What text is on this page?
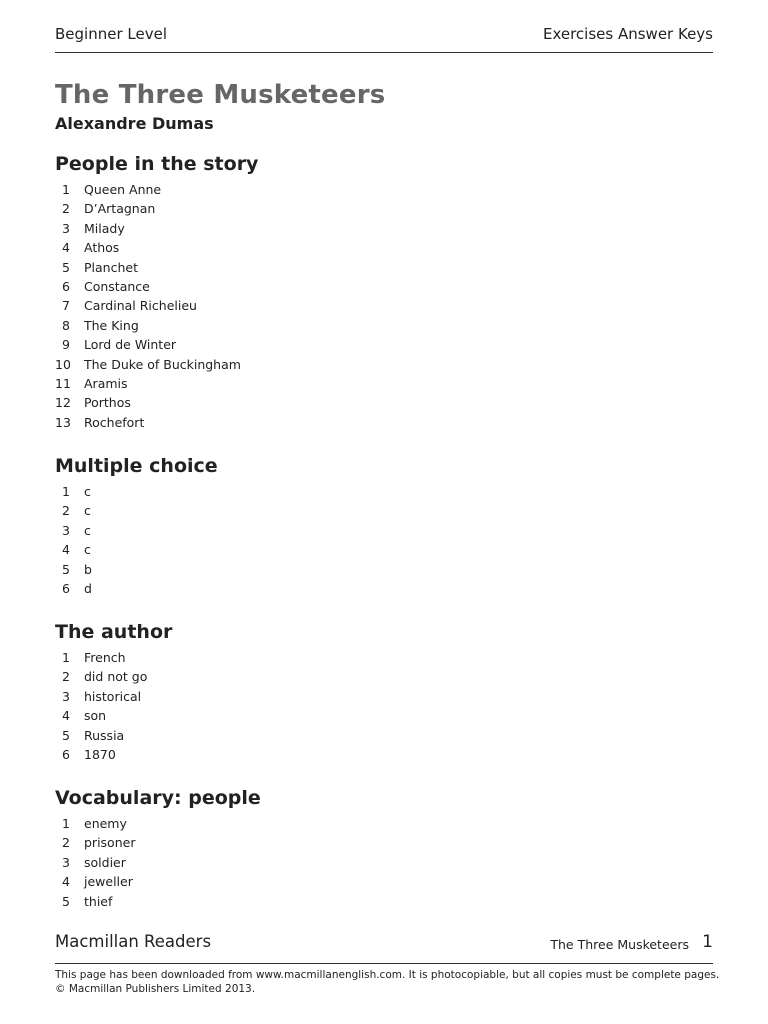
Beginner Level	Exercises Answer Keys
The Three Musketeers
Alexandre Dumas
People in the story
1 Queen Anne
2 D’Artagnan
3 Milady
4 Athos
5 Planchet
6 Constance
7 Cardinal Richelieu
8 The King
9 Lord de Winter
10 The Duke of Buckingham
11 Aramis
12 Porthos
13 Rochefort
Multiple choice
1 c
2 c
3 c
4 c
5 b
6 d
The author
1 French
2 did not go
3 historical
4 son
5 Russia
6 1870
Vocabulary: people
1 enemy
2 prisoner
3 soldier
4 jeweller
5 thief
Macmillan Readers	The Three Musketeers 1
This page has been downloaded from www.macmillanenglish.com. It is photocopiable, but all copies must be complete pages.
© Macmillan Publishers Limited 2013.
